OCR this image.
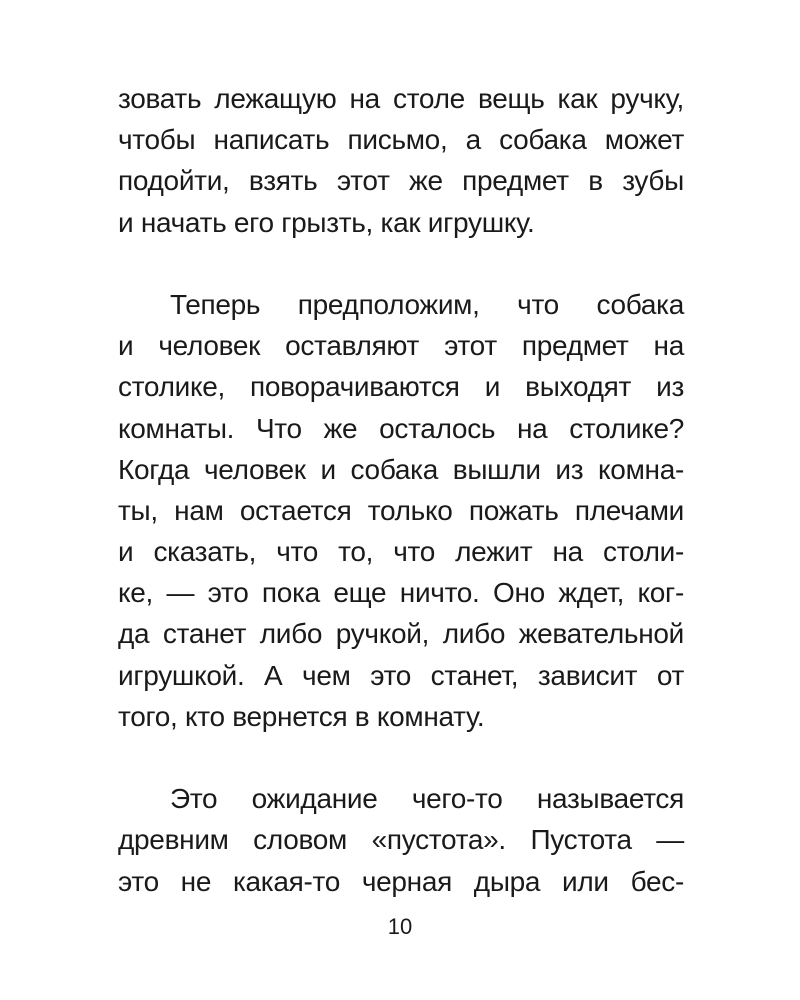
зовать лежащую на столе вещь как ручку,
чтобы написать письмо, а собака может
подойти, взять этот же предмет в зубы
и начать его грызть, как игрушку.
Теперь предположим, что собака
и человек оставляют этот предмет на
столике, поворачиваются и выходят из
комнаты. Что же осталось на столике?
Когда человек и собака вышли из комна-
ты, нам остается только пожать плечами
и сказать, что то, что лежит на столи-
ке, — это пока еще ничто. Оно ждет, ког-
да станет либо ручкой, либо жевательной
игрушкой. А чем это станет, зависит от
того, кто вернется в комнату.
Это ожидание чего-то называется
древним словом «пустота». Пустота —
это не какая-то черная дыра или бес-
10
